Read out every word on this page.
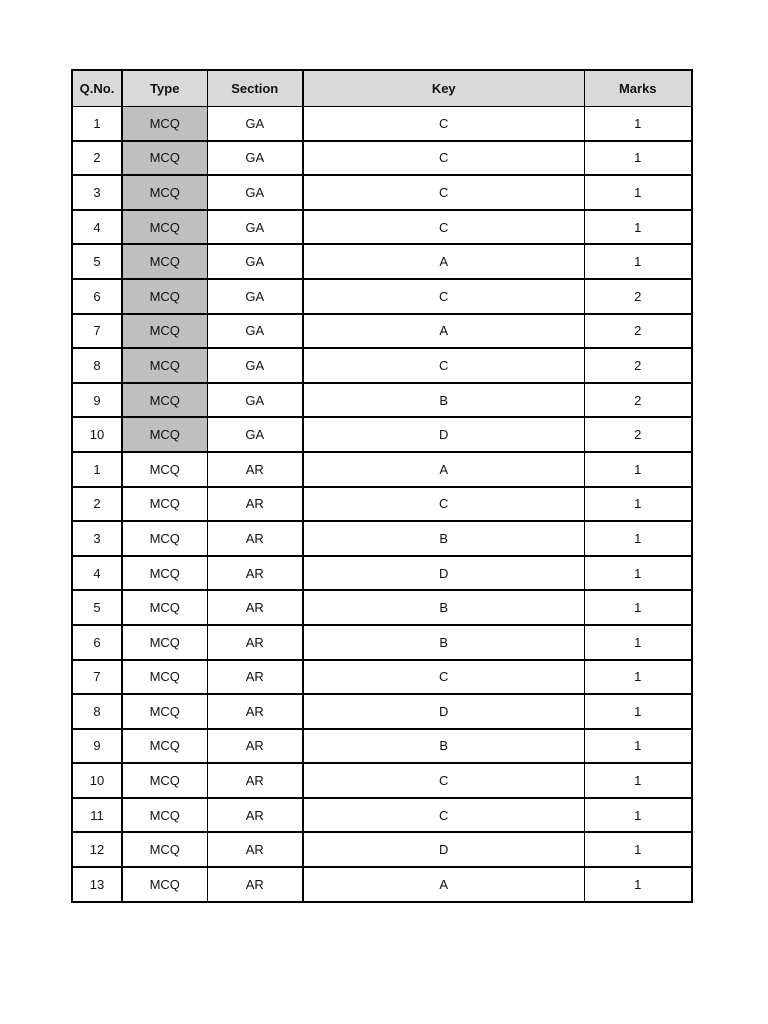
Q.No.	Type	Section	Key	Marks
1	MCQ	GA	C	1
2	MCQ	GA	C	1
3	MCQ	GA	C	1
4	MCQ	GA	C	1
5	MCQ	GA	A	1
6	MCQ	GA	C	2
7	MCQ	GA	A	2
8	MCQ	GA	C	2
9	MCQ	GA	B	2
10	MCQ	GA	D	2
1	MCQ	AR	A	1
2	MCQ	AR	C	1
3	MCQ	AR	B	1
4	MCQ	AR	D	1
5	MCQ	AR	B	1
6	MCQ	AR	B	1
7	MCQ	AR	C	1
8	MCQ	AR	D	1
9	MCQ	AR	B	1
10	MCQ	AR	C	1
11	MCQ	AR	C	1
12	MCQ	AR	D	1
13	MCQ	AR	A	1
